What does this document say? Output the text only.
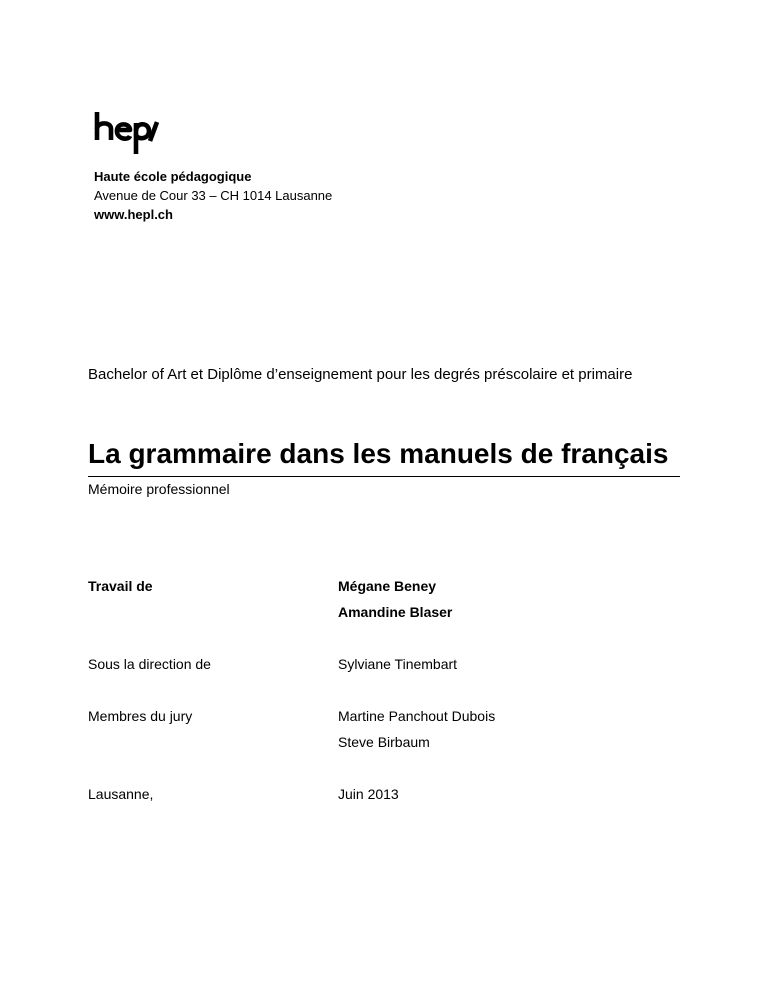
Haute école pédagogique
Avenue de Cour 33 – CH 1014 Lausanne
www.hepl.ch
Bachelor of Art et Diplôme d’enseignement pour les degrés préscolaire et primaire
La grammaire dans les manuels de français
Mémoire professionnel
Travail de	Mégane Beney
Amandine Blaser
Sous la direction de	Sylviane Tinembart
Membres du jury	Martine Panchout Dubois
Steve Birbaum
Lausanne,	Juin 2013
